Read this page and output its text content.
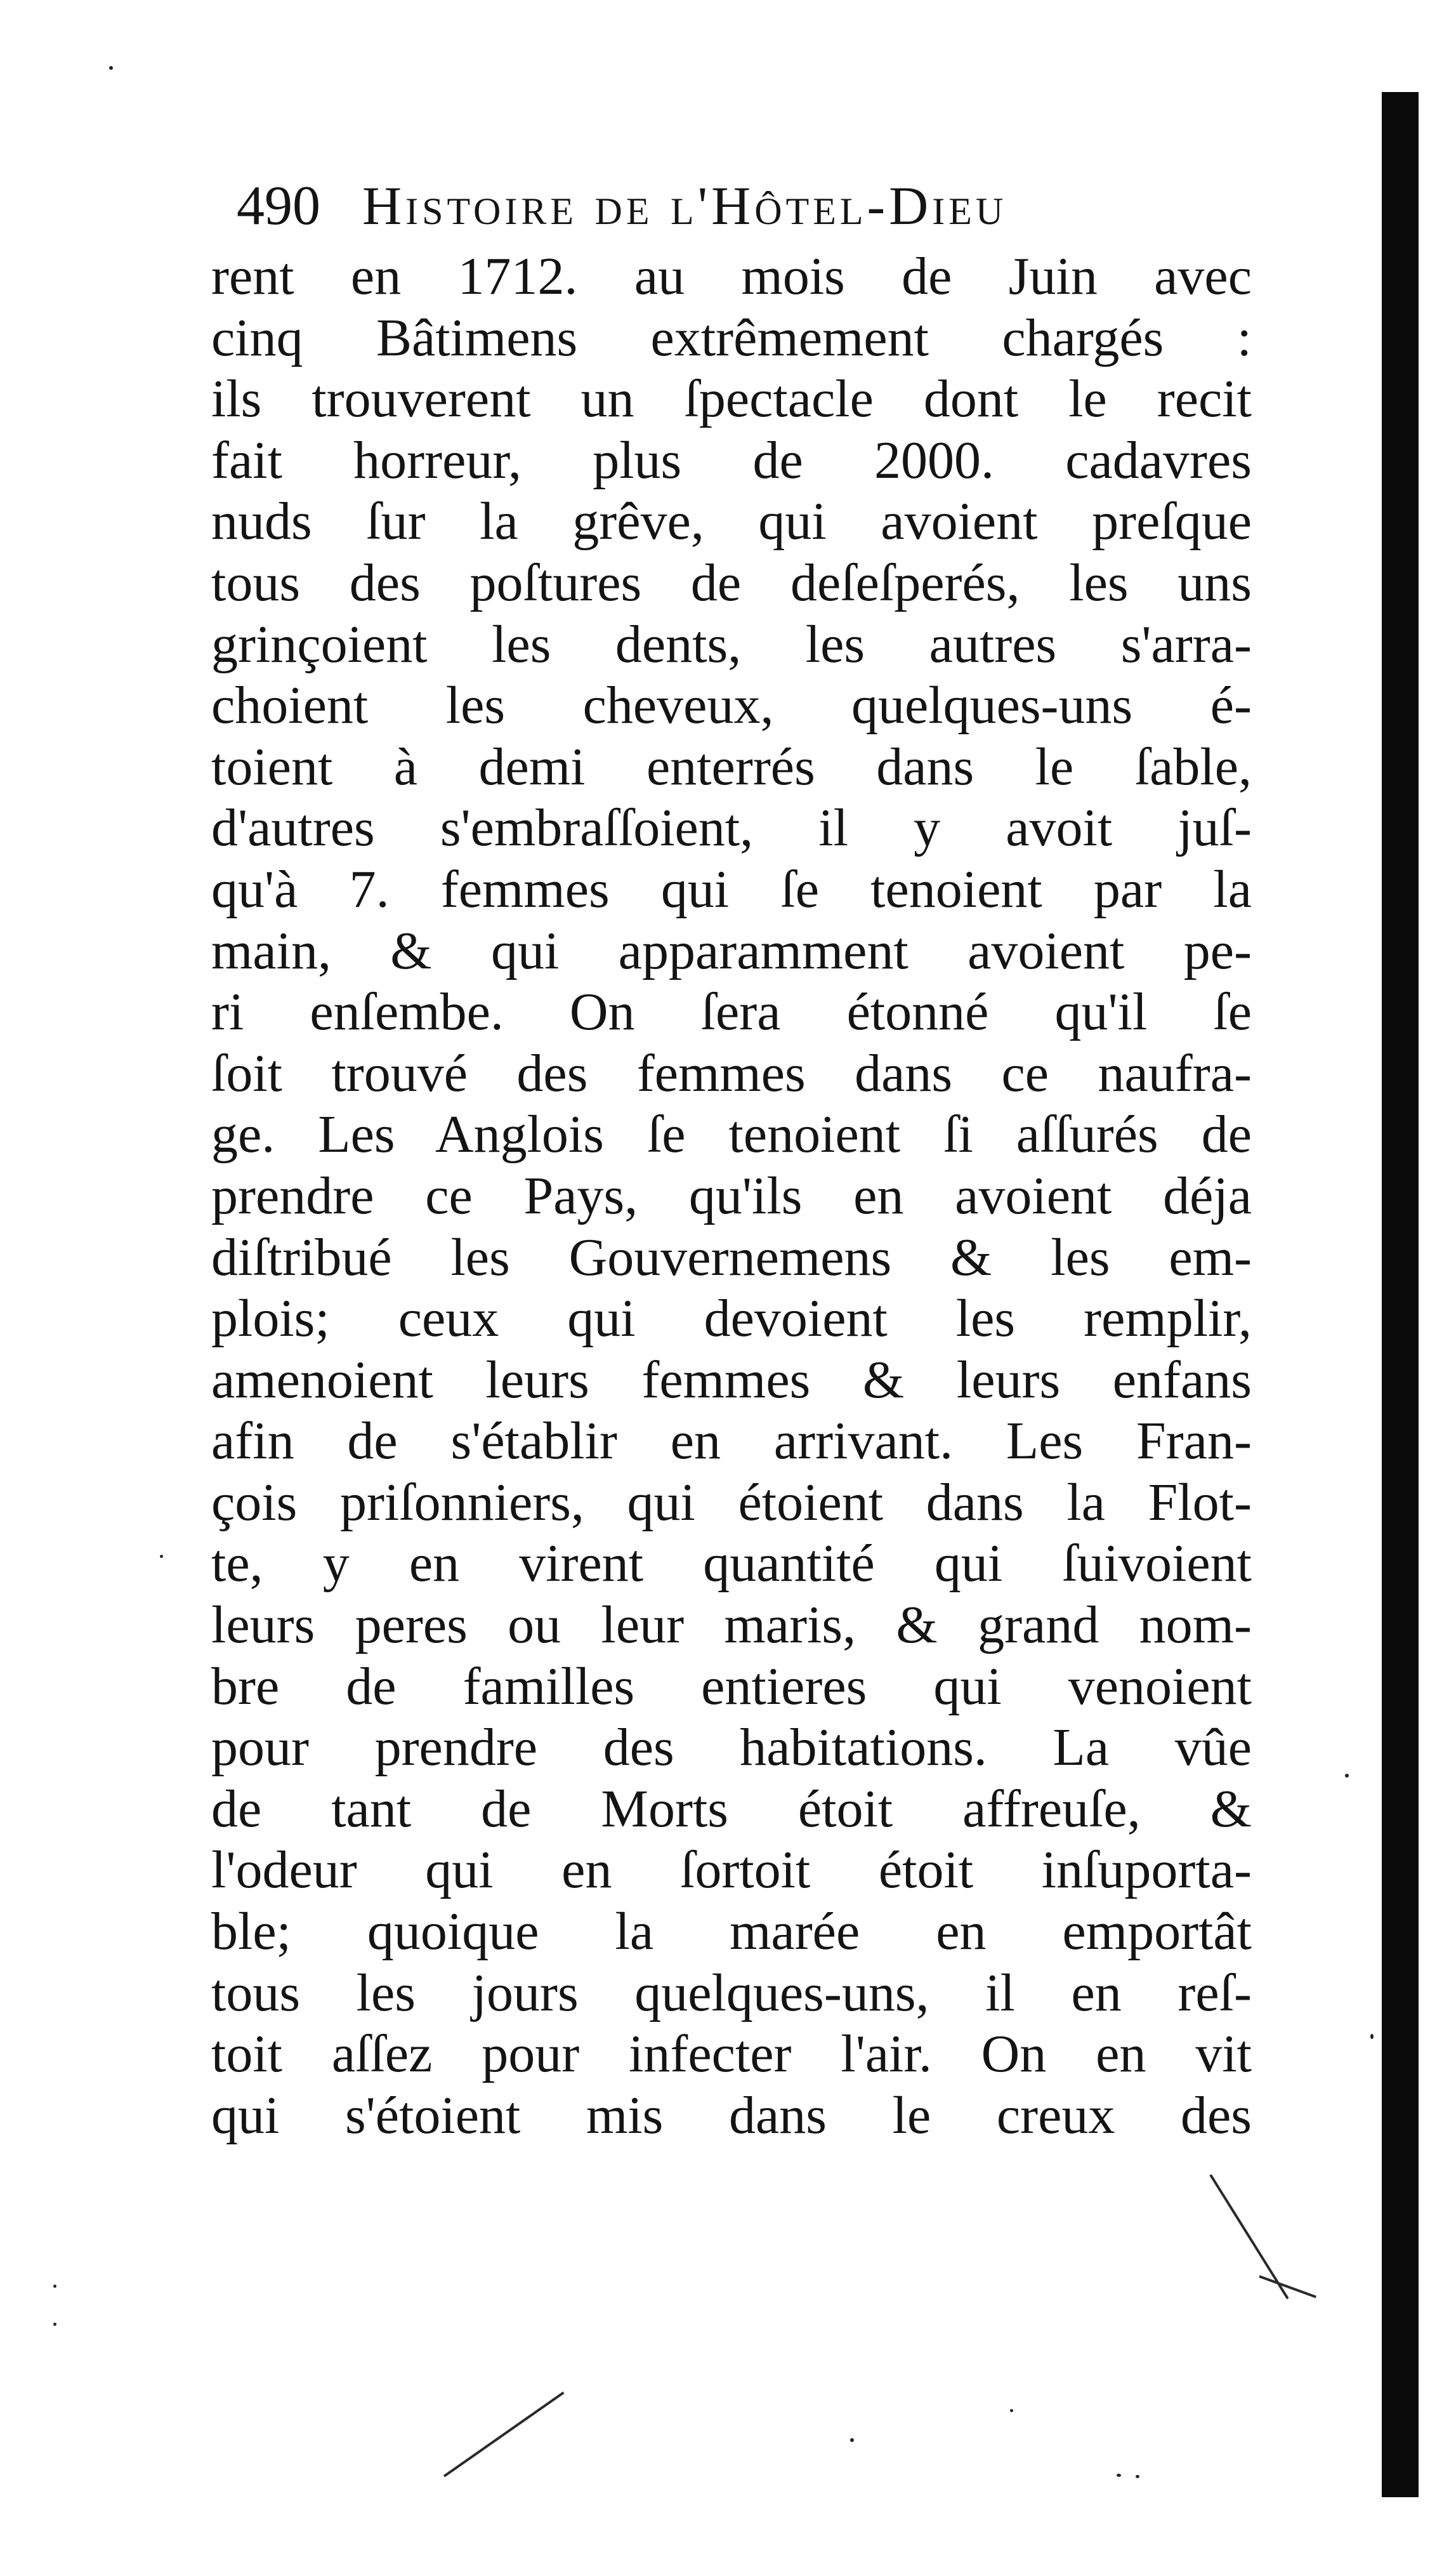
490 Histoire de l'Hôtel-Dieu
rent en 1712. au mois de Juin avec
cinq Bâtimens extrêmement chargés :
ils trouverent un ſpectacle dont le recit
fait horreur, plus de 2000. cadavres
nuds ſur la grêve, qui avoient preſque
tous des poſtures de deſeſperés, les uns
grinçoient les dents, les autres s'arra-
choient les cheveux, quelques-uns é-
toient à demi enterrés dans le ſable,
d'autres s'embraſſoient, il y avoit juſ-
qu'à 7. femmes qui ſe tenoient par la
main, & qui apparamment avoient pe-
ri enſembe. On ſera étonné qu'il ſe
ſoit trouvé des femmes dans ce naufra-
ge. Les Anglois ſe tenoient ſi aſſurés de
prendre ce Pays, qu'ils en avoient déja
diſtribué les Gouvernemens & les em-
plois; ceux qui devoient les remplir,
amenoient leurs femmes & leurs enfans
afin de s'établir en arrivant. Les Fran-
çois priſonniers, qui étoient dans la Flot-
te, y en virent quantité qui ſuivoient
leurs peres ou leur maris, & grand nom-
bre de familles entieres qui venoient
pour prendre des habitations. La vûe
de tant de Morts étoit affreuſe, &
l'odeur qui en ſortoit étoit inſuporta-
ble; quoique la marée en emportât
tous les jours quelques-uns, il en reſ-
toit aſſez pour infecter l'air. On en vit
qui s'étoient mis dans le creux des
